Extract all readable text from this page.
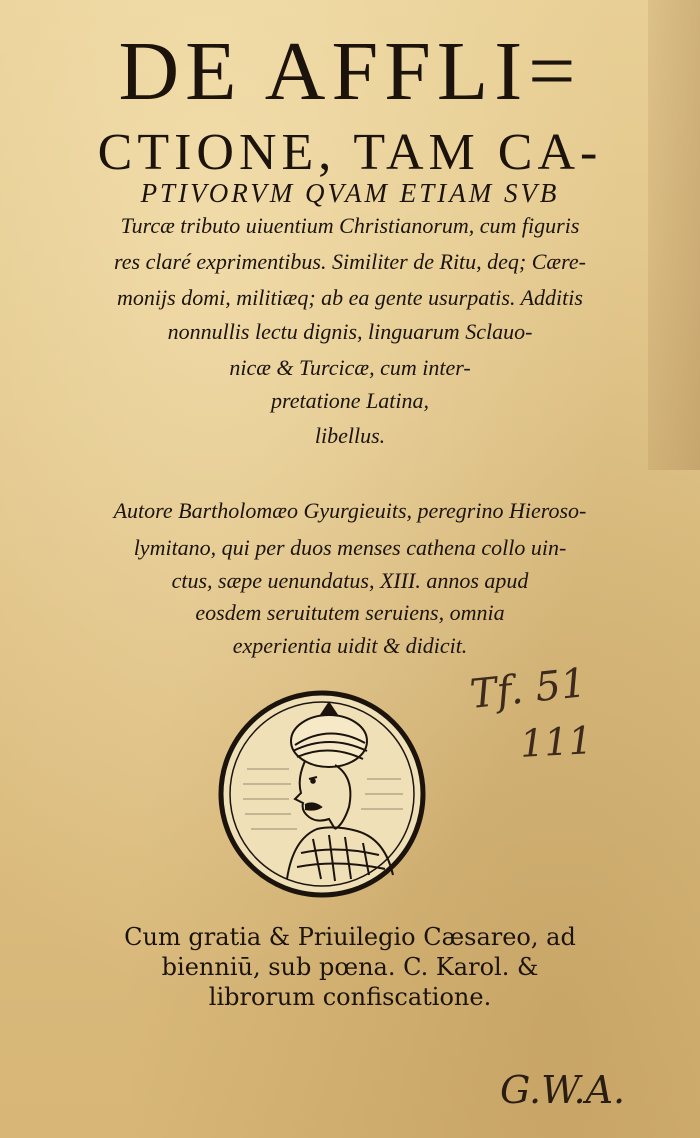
DE AFFLI=
CTIONE, TAM CA-
PTIVORVM QVAM ETIAM SVB
Turcæ tributo uiuentium Christianorum, cum figuris
res claré exprimentibus. Similiter de Ritu, deq; Cære-
monijs domi, militiæq; ab ea gente usurpatis. Additis
nonnullis lectu dignis, linguarum Sclauo-
nicæ & Turcicæ, cum inter-
pretatione Latina,
libellus.
Autore Bartholomæo Gyurgieuits, peregrino Hieroso-
lymitano, qui per duos menses cathena collo uin-
ctus, sæpe uenundatus, XIII. annos apud
eosdem seruitutem seruiens, omnia
experientia uidit & didicit.
Tf. 51
111
Cum gratia & Priuilegio Cæsareo, ad
bienniū, sub pœna. C. Karol. &
librorum confiscatione.
G.W.A.
